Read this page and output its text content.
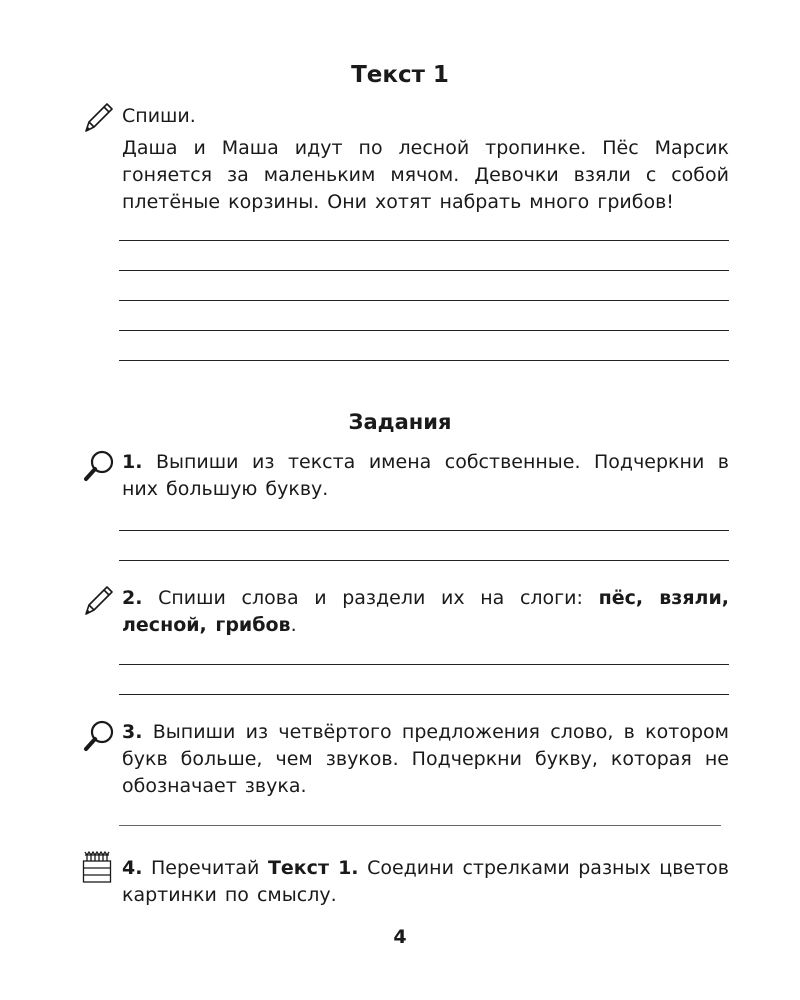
Текст 1
Спиши.
Даша и Маша идут по лесной тропинке. Пёс Марсик гоняется за маленьким мячом. Девочки взяли с собой плетёные корзины. Они хотят набрать много грибов!
Задания
1. Выпиши из текста имена собственные. Подчеркни в них большую букву.
2. Спиши слова и раздели их на слоги: пёс, взяли, лесной, грибов.
3. Выпиши из четвёртого предложения слово, в котором букв больше, чем звуков. Подчеркни букву, которая не обозначает звука.
4. Перечитай Текст 1. Соедини стрелками разных цветов картинки по смыслу.
4
